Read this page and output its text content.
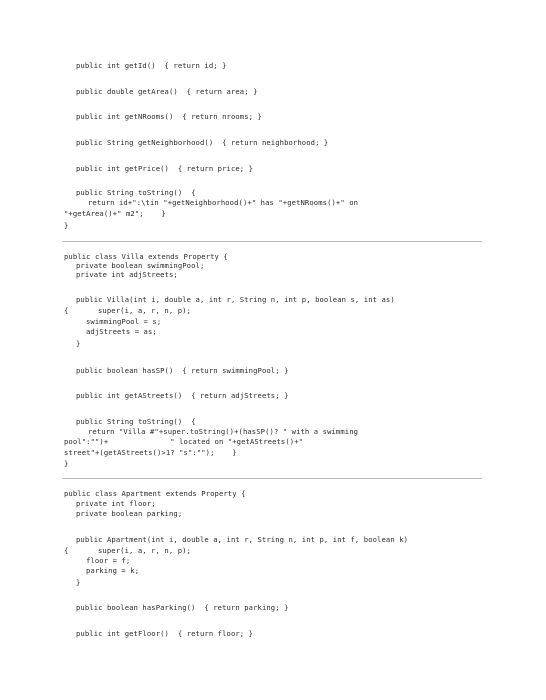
public int getId()  { return id; }

public double getArea()  { return area; }

public int getNRooms()  { return nrooms; }

public String getNeighborhood()  { return neighborhood; }

public int getPrice()  { return price; }

public String toString()  {

return id+":\tin "+getNeighborhood()+" has "+getNRooms()+" on

"+getArea()+" m2";    }

}

public class Villa extends Property {

private boolean swimmingPool;

private int adjStreets;

public Villa(int i, double a, int r, String n, int p, boolean s, int as)

{

	super(i, a, r, n, p);

swimmingPool = s;

adjStreets = as;

}

public boolean hasSP()  { return swimmingPool; }

public int getAStreets()  { return adjStreets; }

public String toString()  {

return "Villa #"+super.toString()+(hasSP()? " with a swimming

pool":"")+              " located on "+getAStreets()+"

street"+(getAStreets()>1? "s":"");    }

}

public class Apartment extends Property {

private int floor;

private boolean parking;

public Apartment(int i, double a, int r, String n, int p, int f, boolean k)

{

	super(i, a, r, n, p);

floor = f;

parking = k;

}

public boolean hasParking()  { return parking; }

public int getFloor()  { return floor; }
